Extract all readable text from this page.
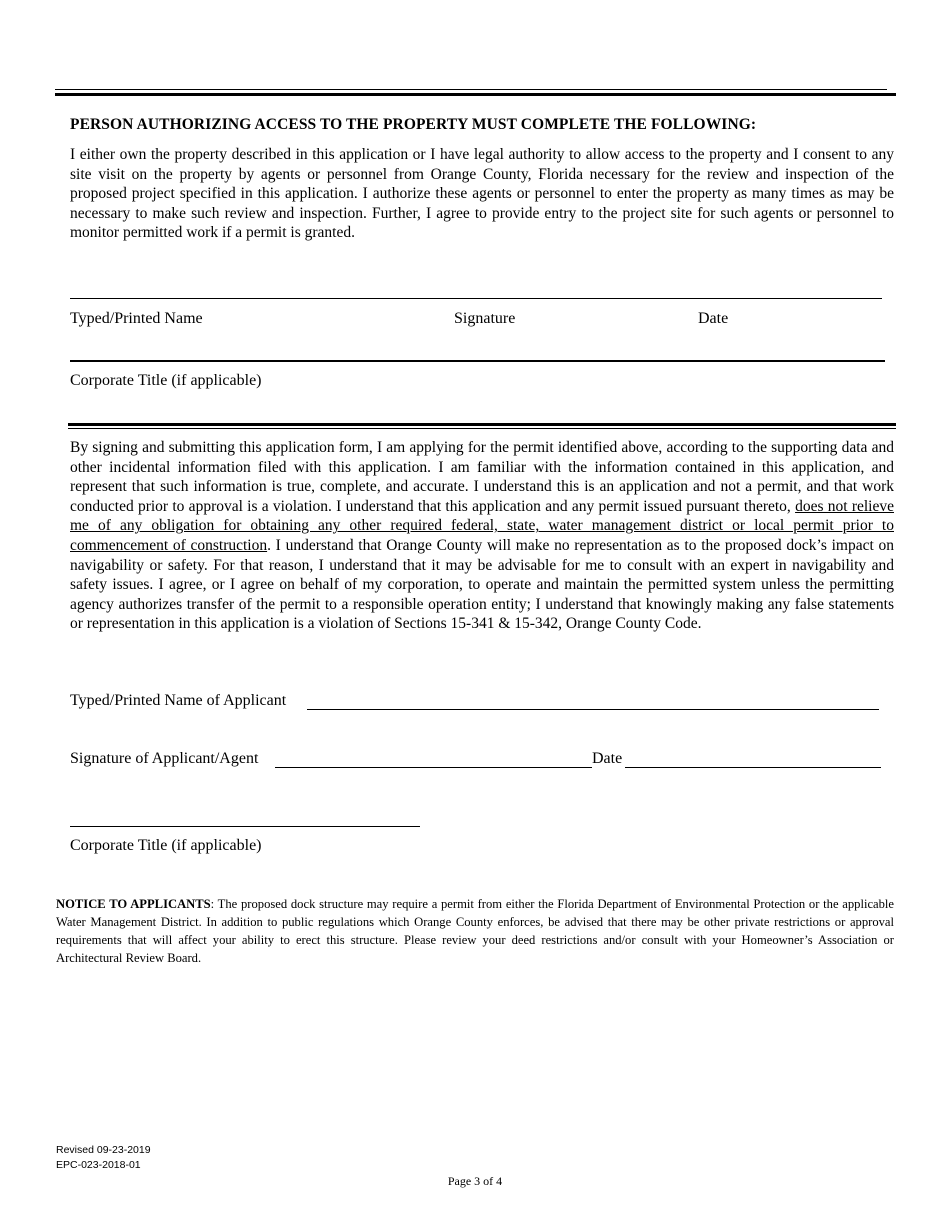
PERSON AUTHORIZING ACCESS TO THE PROPERTY MUST COMPLETE THE FOLLOWING:
I either own the property described in this application or I have legal authority to allow access to the property and I consent to any site visit on the property by agents or personnel from Orange County, Florida necessary for the review and inspection of the proposed project specified in this application. I authorize these agents or personnel to enter the property as many times as may be necessary to make such review and inspection. Further, I agree to provide entry to the project site for such agents or personnel to monitor permitted work if a permit is granted.
Typed/Printed Name	Signature	Date
Corporate Title (if applicable)
By signing and submitting this application form, I am applying for the permit identified above, according to the supporting data and other incidental information filed with this application. I am familiar with the information contained in this application, and represent that such information is true, complete, and accurate. I understand this is an application and not a permit, and that work conducted prior to approval is a violation. I understand that this application and any permit issued pursuant thereto, does not relieve me of any obligation for obtaining any other required federal, state, water management district or local permit prior to commencement of construction. I understand that Orange County will make no representation as to the proposed dock’s impact on navigability or safety. For that reason, I understand that it may be advisable for me to consult with an expert in navigability and safety issues. I agree, or I agree on behalf of my corporation, to operate and maintain the permitted system unless the permitting agency authorizes transfer of the permit to a responsible operation entity; I understand that knowingly making any false statements or representation in this application is a violation of Sections 15-341 & 15-342, Orange County Code.
Typed/Printed Name of Applicant
Signature of Applicant/Agent	Date
Corporate Title (if applicable)
NOTICE TO APPLICANTS: The proposed dock structure may require a permit from either the Florida Department of Environmental Protection or the applicable Water Management District. In addition to public regulations which Orange County enforces, be advised that there may be other private restrictions or approval requirements that will affect your ability to erect this structure. Please review your deed restrictions and/or consult with your Homeowner’s Association or Architectural Review Board.
Revised 09-23-2019
EPC-023-2018-01
Page 3 of 4
